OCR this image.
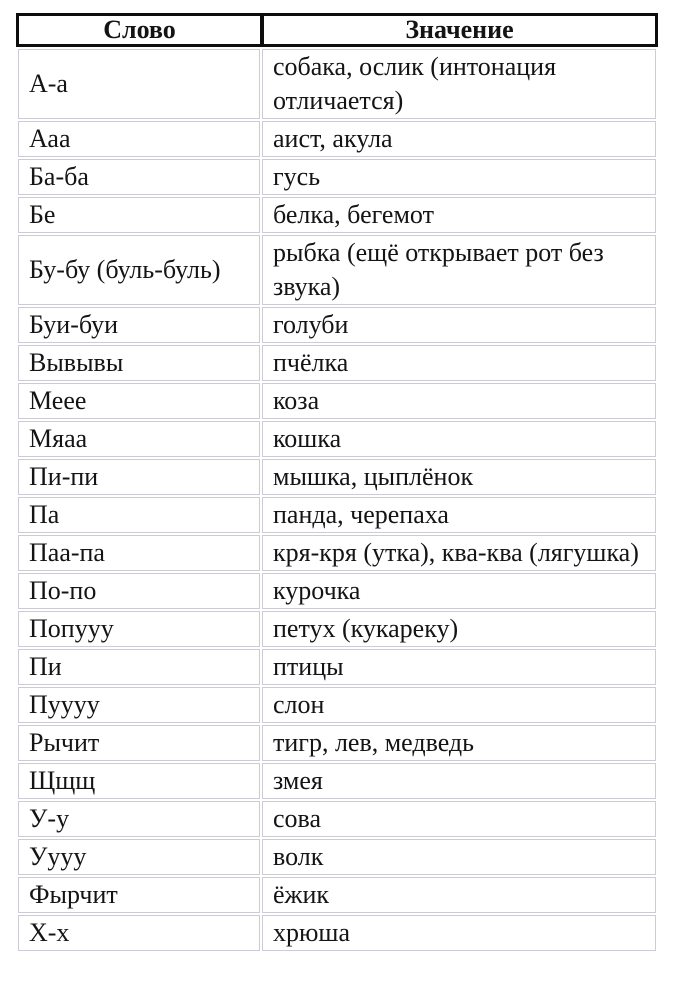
Слово	Значение
А-а	собака, ослик (интонация отличается)
Ааа	аист, акула
Ба-ба	гусь
Бе	белка, бегемот
Бу-бу (буль-буль)	рыбка (ещё открывает рот без звука)
Буи-буи	голуби
Вывывы	пчёлка
Меее	коза
Мяаа	кошка
Пи-пи	мышка, цыплёнок
Па	панда, черепаха
Паа-па	кря-кря (утка), ква-ква (лягушка)
По-по	курочка
Попууу	петух (кукареку)
Пи	птицы
Пуууу	слон
Рычит	тигр, лев, медведь
Щщщ	змея
У-у	сова
Уууу	волк
Фырчит	ёжик
Х-х	хрюша
